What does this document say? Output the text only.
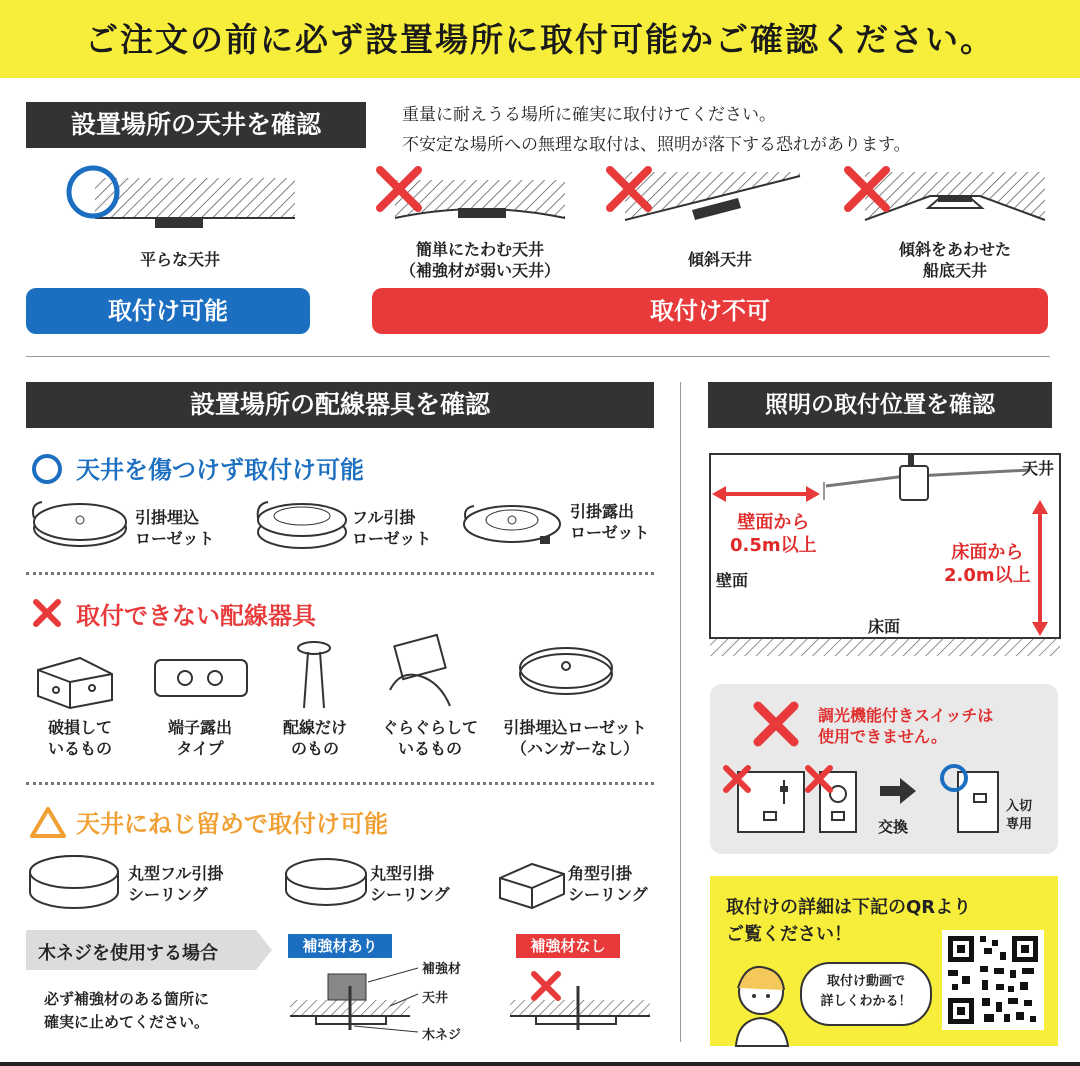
ご注文の前に必ず設置場所に取付可能かご確認ください。
設置場所の天井を確認	重量に耐えうる場所に確実に取付けてください。
不安定な場所への無理な取付は、照明が落下する恐れがあります。
平らな天井
簡単にたわむ天井
（補強材が弱い天井）
傾斜天井
傾斜をあわせた
船底天井
取付け可能	取付け不可
設置場所の配線器具を確認
天井を傷つけず取付け可能
引掛埋込
ローゼット
フル引掛
ローゼット
引掛露出
ローゼット
取付できない配線器具
破損して
いるもの
端子露出
タイプ
配線だけ
のもの
ぐらぐらして
いるもの
引掛埋込ローゼット
（ハンガーなし）
天井にねじ留めで取付け可能
丸型フル引掛
シーリング
丸型引掛
シーリング
角型引掛
シーリング
木ネジを使用する場合
必ず補強材のある箇所に
確実に止めてください。
補強材あり	補強材なし
補強材
天井
木ネジ
照明の取付位置を確認
天井
壁面から
0.5m以上
壁面
床面から
2.0m以上
床面
調光機能付きスイッチは
使用できません。
交換
入切
専用
取付けの詳細は下記のQRより
ご覧ください！
取付け動画で
詳しくわかる！
